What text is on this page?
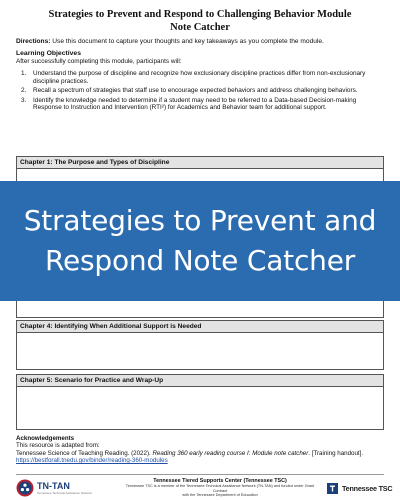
Strategies to Prevent and Respond to Challenging Behavior Module
Note Catcher
Directions: Use this document to capture your thoughts and key takeaways as you complete the module.
Learning Objectives
After successfully completing this module, participants will:
1.	Understand the purpose of discipline and recognize how exclusionary discipline practices differ from non-exclusionary discipline practices.
2.	Recall a spectrum of strategies that staff use to encourage expected behaviors and address challenging behaviors.
3.	Identify the knowledge needed to determine if a student may need to be referred to a Data-based Decision-making Response to Instruction and Intervention (RTI²) for Academics and Behavior team for additional support.
Chapter 1: The Purpose and Types of Discipline
Chapter 4: Identifying When Additional Support is Needed
Chapter 5: Scenario for Practice and Wrap-Up
Strategies to Prevent and
Respond Note Catcher
Acknowledgements
This resource is adapted from:
Tennessee Science of Teaching Reading. (2022). Reading 360 early reading course I: Module note catcher. [Training handout].
https://bestforall.tnedu.gov/binder/reading-360-modules
TN-TAN
Tennessee Technical Assistance Network
Tennessee Tiered Supports Center (Tennessee TSC)
Tennessee TSC is a member of the Tennessee Technical Assistance Network (TN-TAN) and funded under Grant Contract
with the Tennessee Department of Education
Tennessee TSC
